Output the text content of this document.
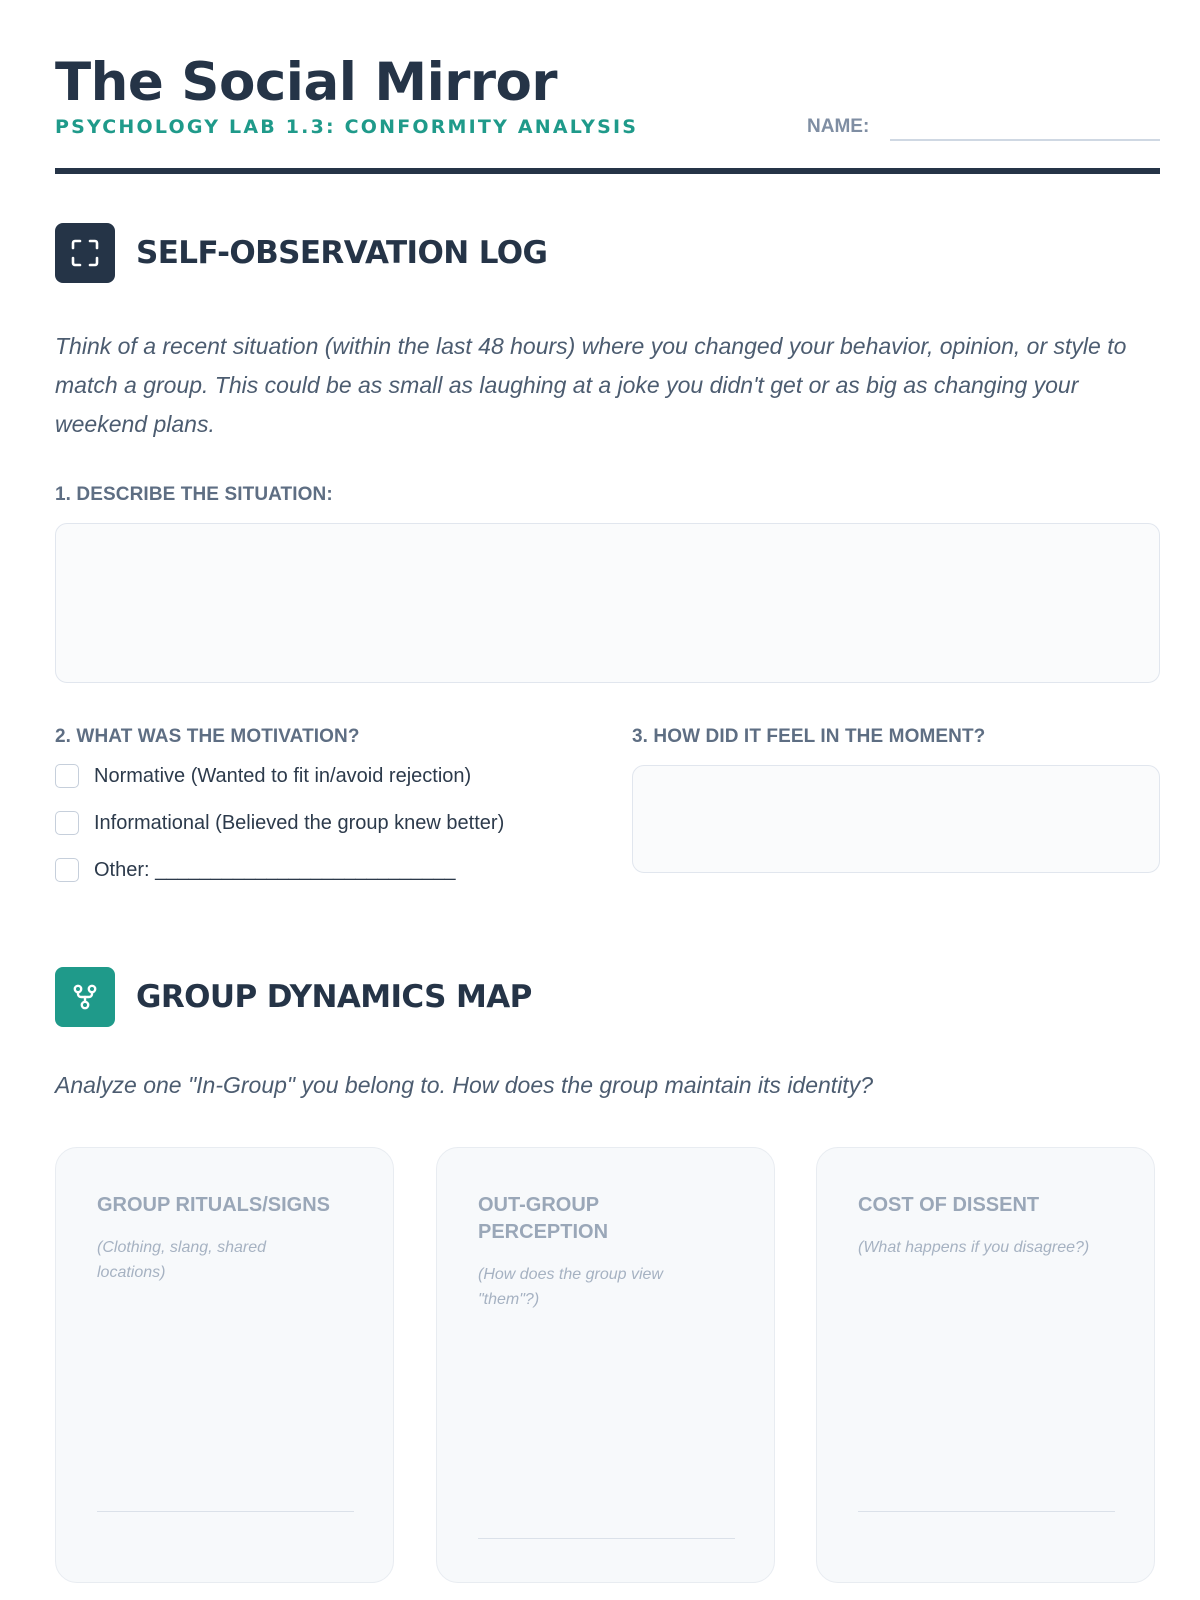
The Social Mirror
PSYCHOLOGY LAB 1.3: CONFORMITY ANALYSIS	NAME:
SELF-OBSERVATION LOG
Think of a recent situation (within the last 48 hours) where you changed your behavior, opinion, or style to match a group. This could be as small as laughing at a joke you didn't get or as big as changing your weekend plans.
1. DESCRIBE THE SITUATION:
2. WHAT WAS THE MOTIVATION?
Normative (Wanted to fit in/avoid rejection)
Informational (Believed the group knew better)
Other: ___________________________
3. HOW DID IT FEEL IN THE MOMENT?
GROUP DYNAMICS MAP
Analyze one "In-Group" you belong to. How does the group maintain its identity?
GROUP RITUALS/SIGNS
(Clothing, slang, shared locations)
OUT-GROUP PERCEPTION
(How does the group view "them"?)
COST OF DISSENT
(What happens if you disagree?)
